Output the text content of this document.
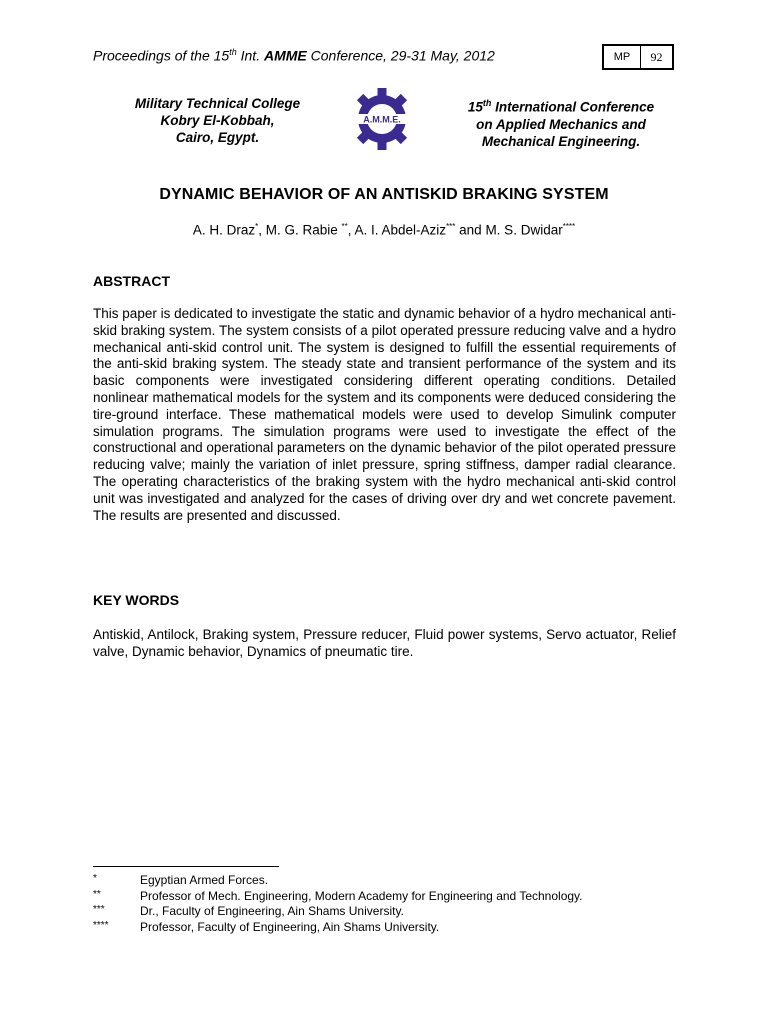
Proceedings of the 15th Int. AMME Conference, 29-31 May, 2012	MP	92
Military Technical College
Kobry El-Kobbah,
Cairo, Egypt.
A.M.M.E.
15th International Conference
on Applied Mechanics and
Mechanical Engineering.
DYNAMIC BEHAVIOR OF AN ANTISKID BRAKING SYSTEM
A. H. Draz*, M. G. Rabie **, A. I. Abdel-Aziz*** and M. S. Dwidar****
ABSTRACT
This paper is dedicated to investigate the static and dynamic behavior of a hydro mechanical anti-skid braking system. The system consists of a pilot operated pressure reducing valve and a hydro mechanical anti-skid control unit. The system is designed to fulfill the essential requirements of the anti-skid braking system. The steady state and transient performance of the system and its basic components were investigated considering different operating conditions. Detailed nonlinear mathematical models for the system and its components were deduced considering the tire-ground interface. These mathematical models were used to develop Simulink computer simulation programs. The simulation programs were used to investigate the effect of the constructional and operational parameters on the dynamic behavior of the pilot operated pressure reducing valve; mainly the variation of inlet pressure, spring stiffness, damper radial clearance. The operating characteristics of the braking system with the hydro mechanical anti-skid control unit was investigated and analyzed for the cases of driving over dry and wet concrete pavement. The results are presented and discussed.
KEY WORDS
Antiskid, Antilock, Braking system, Pressure reducer, Fluid power systems, Servo actuator, Relief valve, Dynamic behavior, Dynamics of pneumatic tire.
*	Egyptian Armed Forces.
**	Professor of Mech. Engineering, Modern Academy for Engineering and Technology.
***	Dr., Faculty of Engineering, Ain Shams University.
****	Professor, Faculty of Engineering, Ain Shams University.
